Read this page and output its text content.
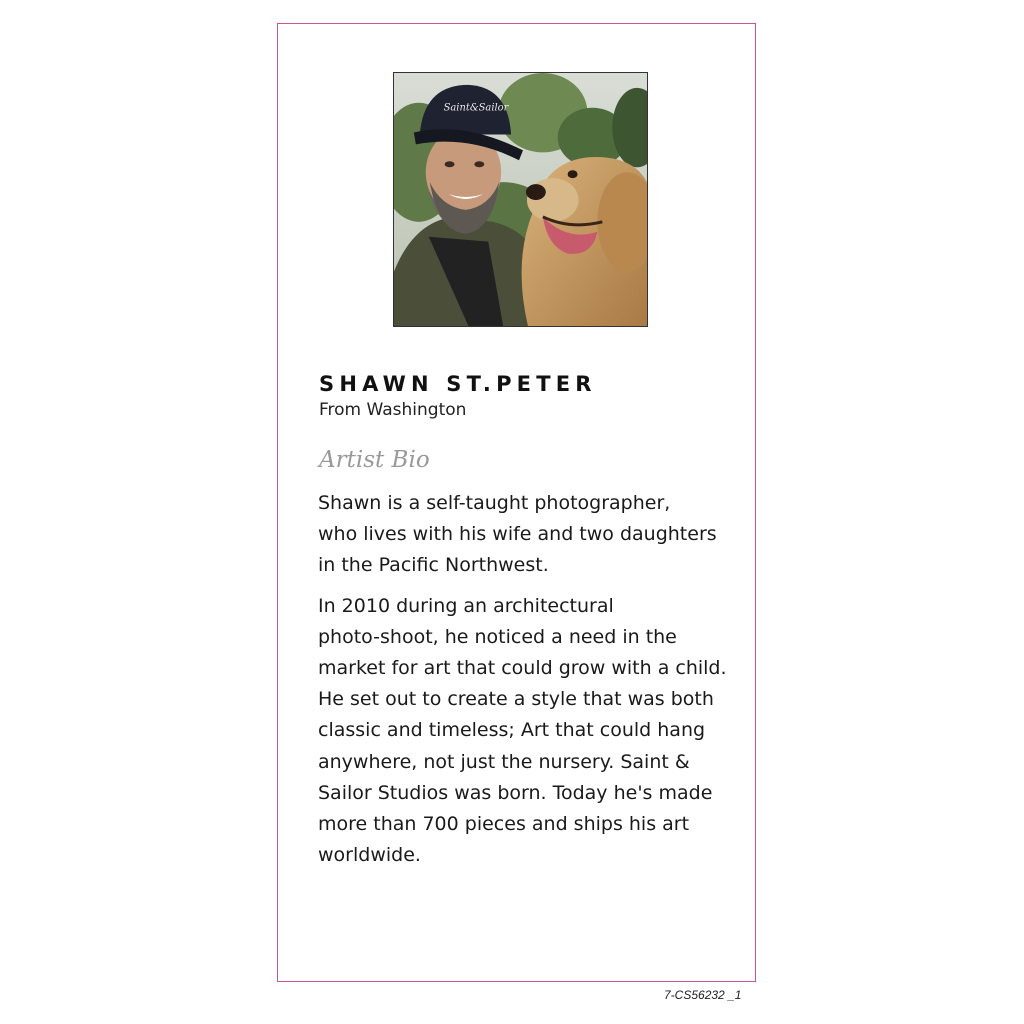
Saint&Sailor
SHAWN ST.PETER
From Washington
Artist Bio

Shawn is a self-taught photographer,
who lives with his wife and two daughters
in the Pacific Northwest.

In 2010 during an architectural
photo-shoot, he noticed a need in the
market for art that could grow with a child.
He set out to create a style that was both
classic and timeless; Art that could hang
anywhere, not just the nursery. Saint &
Sailor Studios was born. Today he's made
more than 700 pieces and ships his art
worldwide.

7-CS56232 _1
